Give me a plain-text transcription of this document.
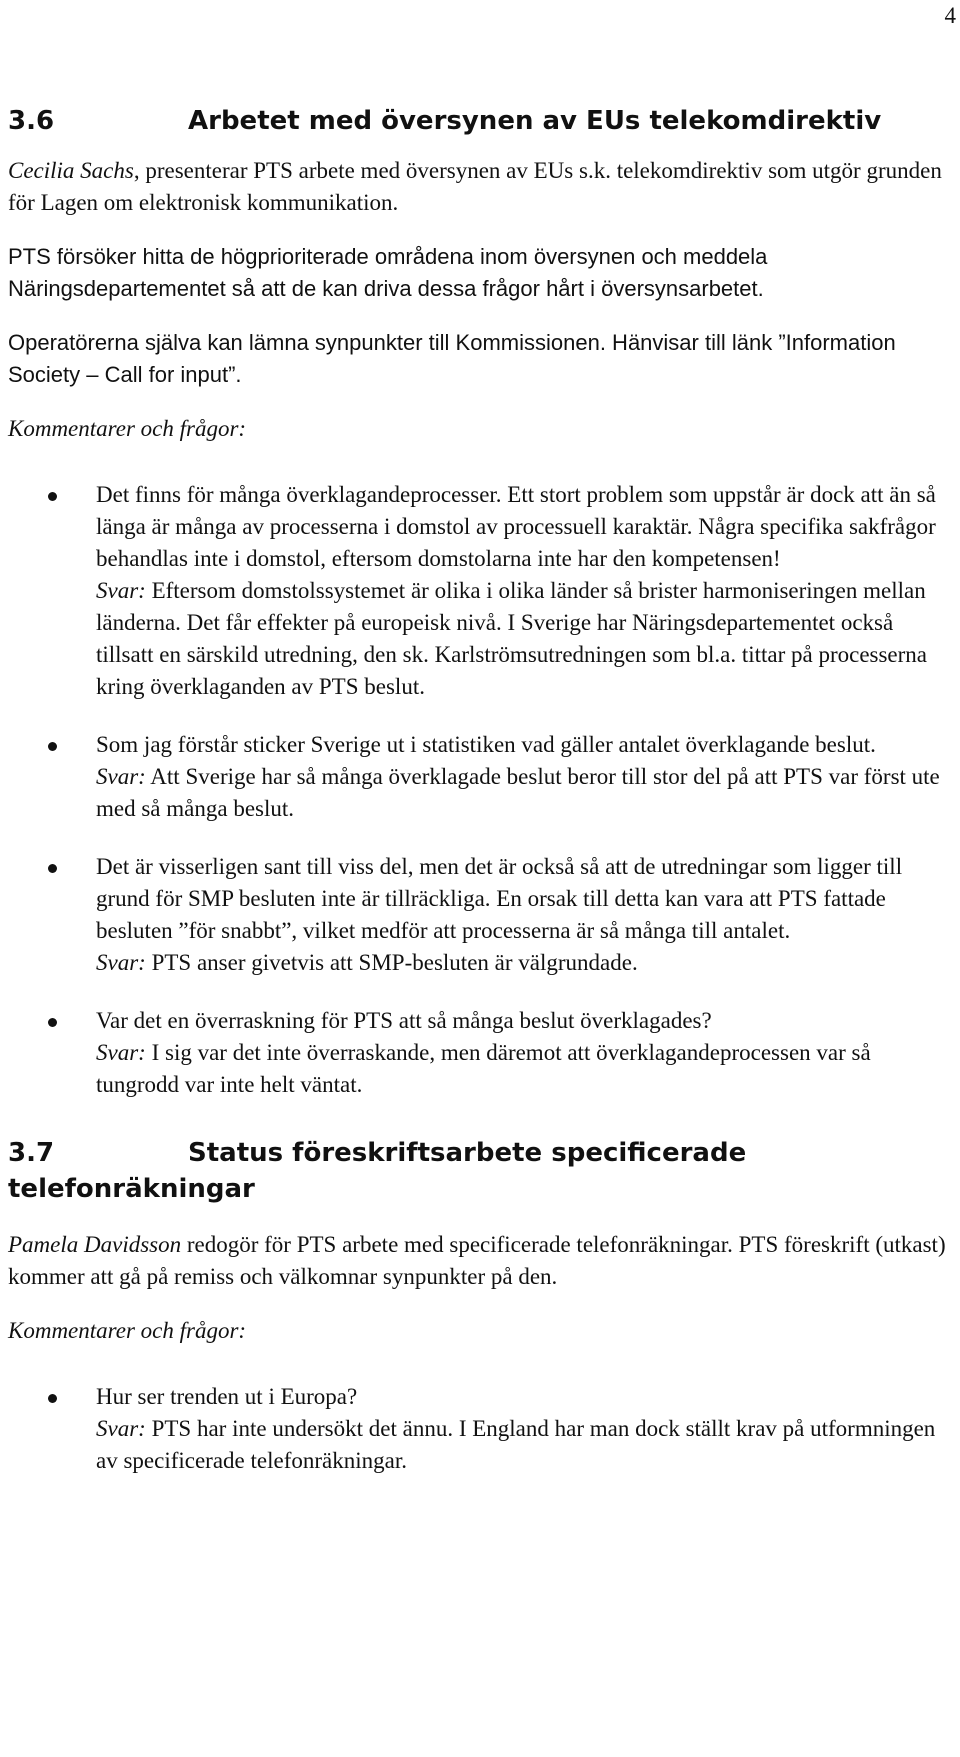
4
3.6	Arbetet med översynen av EUs telekomdirektiv

Cecilia Sachs, presenterar PTS arbete med översynen av EUs s.k. telekomdirektiv som utgör grunden för Lagen om elektronisk kommunikation.

PTS försöker hitta de högprioriterade områdena inom översynen och meddela Näringsdepartementet så att de kan driva dessa frågor hårt i översynsarbetet.

Operatörerna själva kan lämna synpunkter till Kommissionen. Hänvisar till länk ”Information Society – Call for input”.

Kommentarer och frågor:

Det finns för många överklagandeprocesser. Ett stort problem som uppstår är dock att än så länga är många av processerna i domstol av processuell karaktär. Några specifika sakfrågor behandlas inte i domstol, eftersom domstolarna inte har den kompetensen!
Svar: Eftersom domstolssystemet är olika i olika länder så brister harmoniseringen mellan länderna. Det får effekter på europeisk nivå. I Sverige har Näringsdepartementet också tillsatt en särskild utredning, den sk. Karlströmsutredningen som bl.a. tittar på processerna kring överklaganden av PTS beslut.
Som jag förstår sticker Sverige ut i statistiken vad gäller antalet överklagande beslut.
Svar: Att Sverige har så många överklagade beslut beror till stor del på att PTS var först ute med så många beslut.
Det är visserligen sant till viss del, men det är också så att de utredningar som ligger till grund för SMP besluten inte är tillräckliga. En orsak till detta kan vara att PTS fattade besluten ”för snabbt”, vilket medför att processerna är så många till antalet.
Svar: PTS anser givetvis att SMP-besluten är välgrundade.
Var det en överraskning för PTS att så många beslut överklagades?
Svar: I sig var det inte överraskande, men däremot att överklagandeprocessen var så tungrodd var inte helt väntat.
3.7	Status föreskriftsarbete specificerade
telefonräkningar

Pamela Davidsson redogör för PTS arbete med specificerade telefonräkningar. PTS föreskrift (utkast) kommer att gå på remiss och välkomnar synpunkter på den.

Kommentarer och frågor:

Hur ser trenden ut i Europa?
Svar: PTS har inte undersökt det ännu. I England har man dock ställt krav på utformningen av specificerade telefonräkningar.
